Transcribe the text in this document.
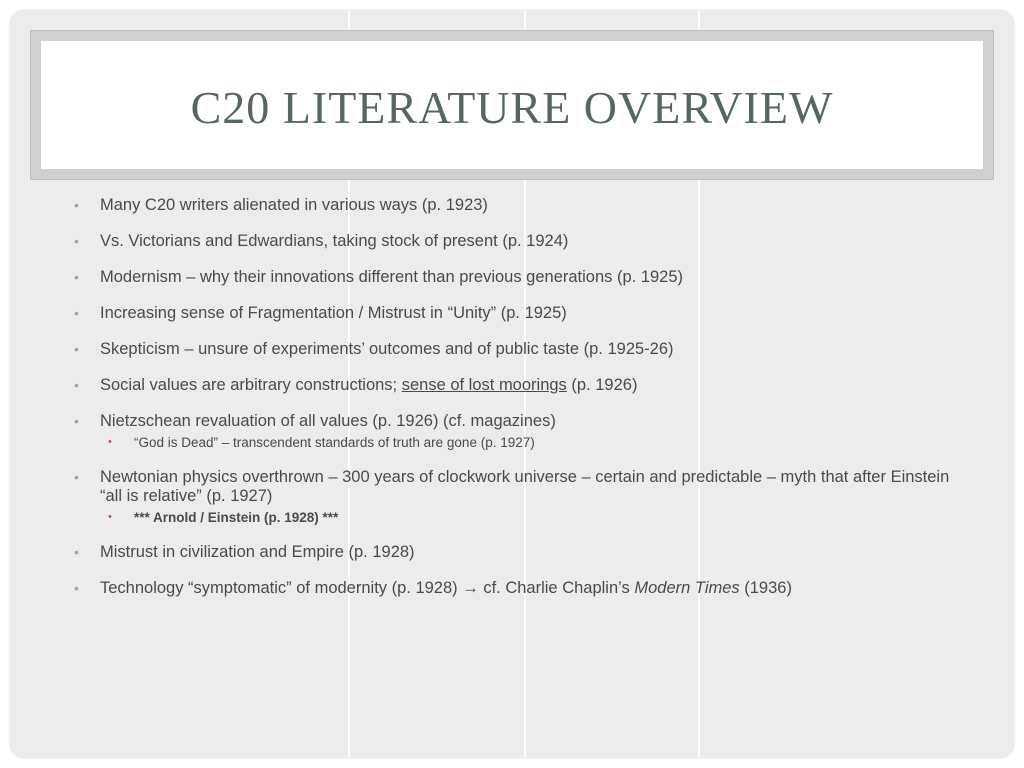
C20 LITERATURE OVERVIEW
• Many C20 writers alienated in various ways (p. 1923)
• Vs. Victorians and Edwardians, taking stock of present (p. 1924)
• Modernism – why their innovations different than previous generations (p. 1925)
• Increasing sense of Fragmentation / Mistrust in “Unity” (p. 1925)
• Skepticism – unsure of experiments’ outcomes and of public taste (p. 1925-26)
• Social values are arbitrary constructions; sense of lost moorings (p. 1926)
• Nietzschean revaluation of all values (p. 1926) (cf. magazines)
• “God is Dead” – transcendent standards of truth are gone (p. 1927)
• Newtonian physics overthrown – 300 years of clockwork universe – certain and predictable – myth that after Einstein “all is relative” (p. 1927)
• *** Arnold / Einstein (p. 1928) ***
• Mistrust in civilization and Empire (p. 1928)
• Technology “symptomatic” of modernity (p. 1928) → cf. Charlie Chaplin’s Modern Times (1936)
